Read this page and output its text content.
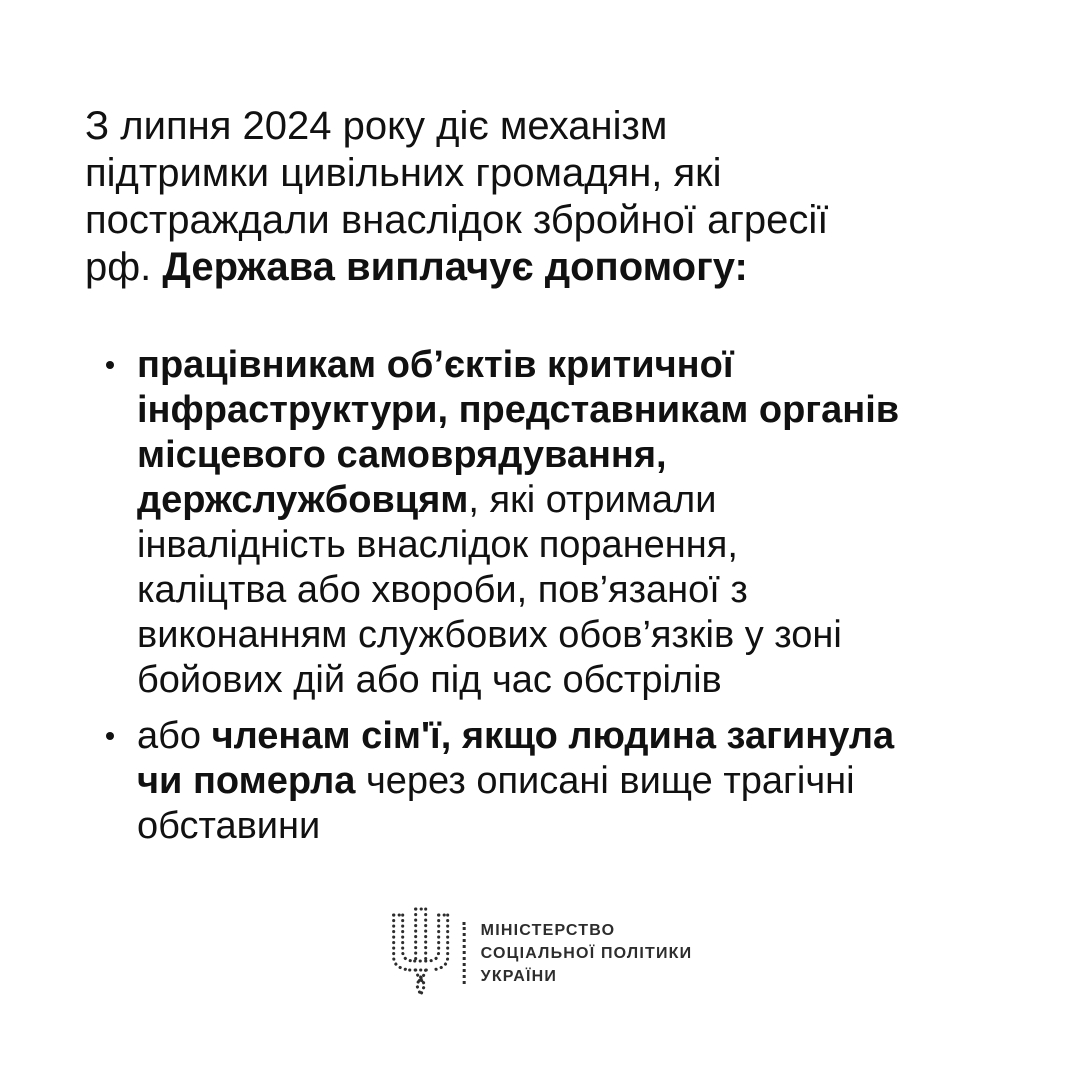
З липня 2024 року діє механізм
підтримки цивільних громадян, які
постраждали внаслідок збройної агресії
рф. Держава виплачує допомогу:
працівникам об’єктів критичної
інфраструктури, представникам органів
місцевого самоврядування,
держслужбовцям, які отримали
інвалідність внаслідок поранення,
каліцтва або хвороби, пов’язаної з
виконанням службових обов’язків у зоні
бойових дій або під час обстрілів
або членам сім'ї, якщо людина загинула
чи померла через описані вище трагічні
обставини
МІНІСТЕРСТВО
СОЦІАЛЬНОЇ ПОЛІТИКИ
УКРАЇНИ
